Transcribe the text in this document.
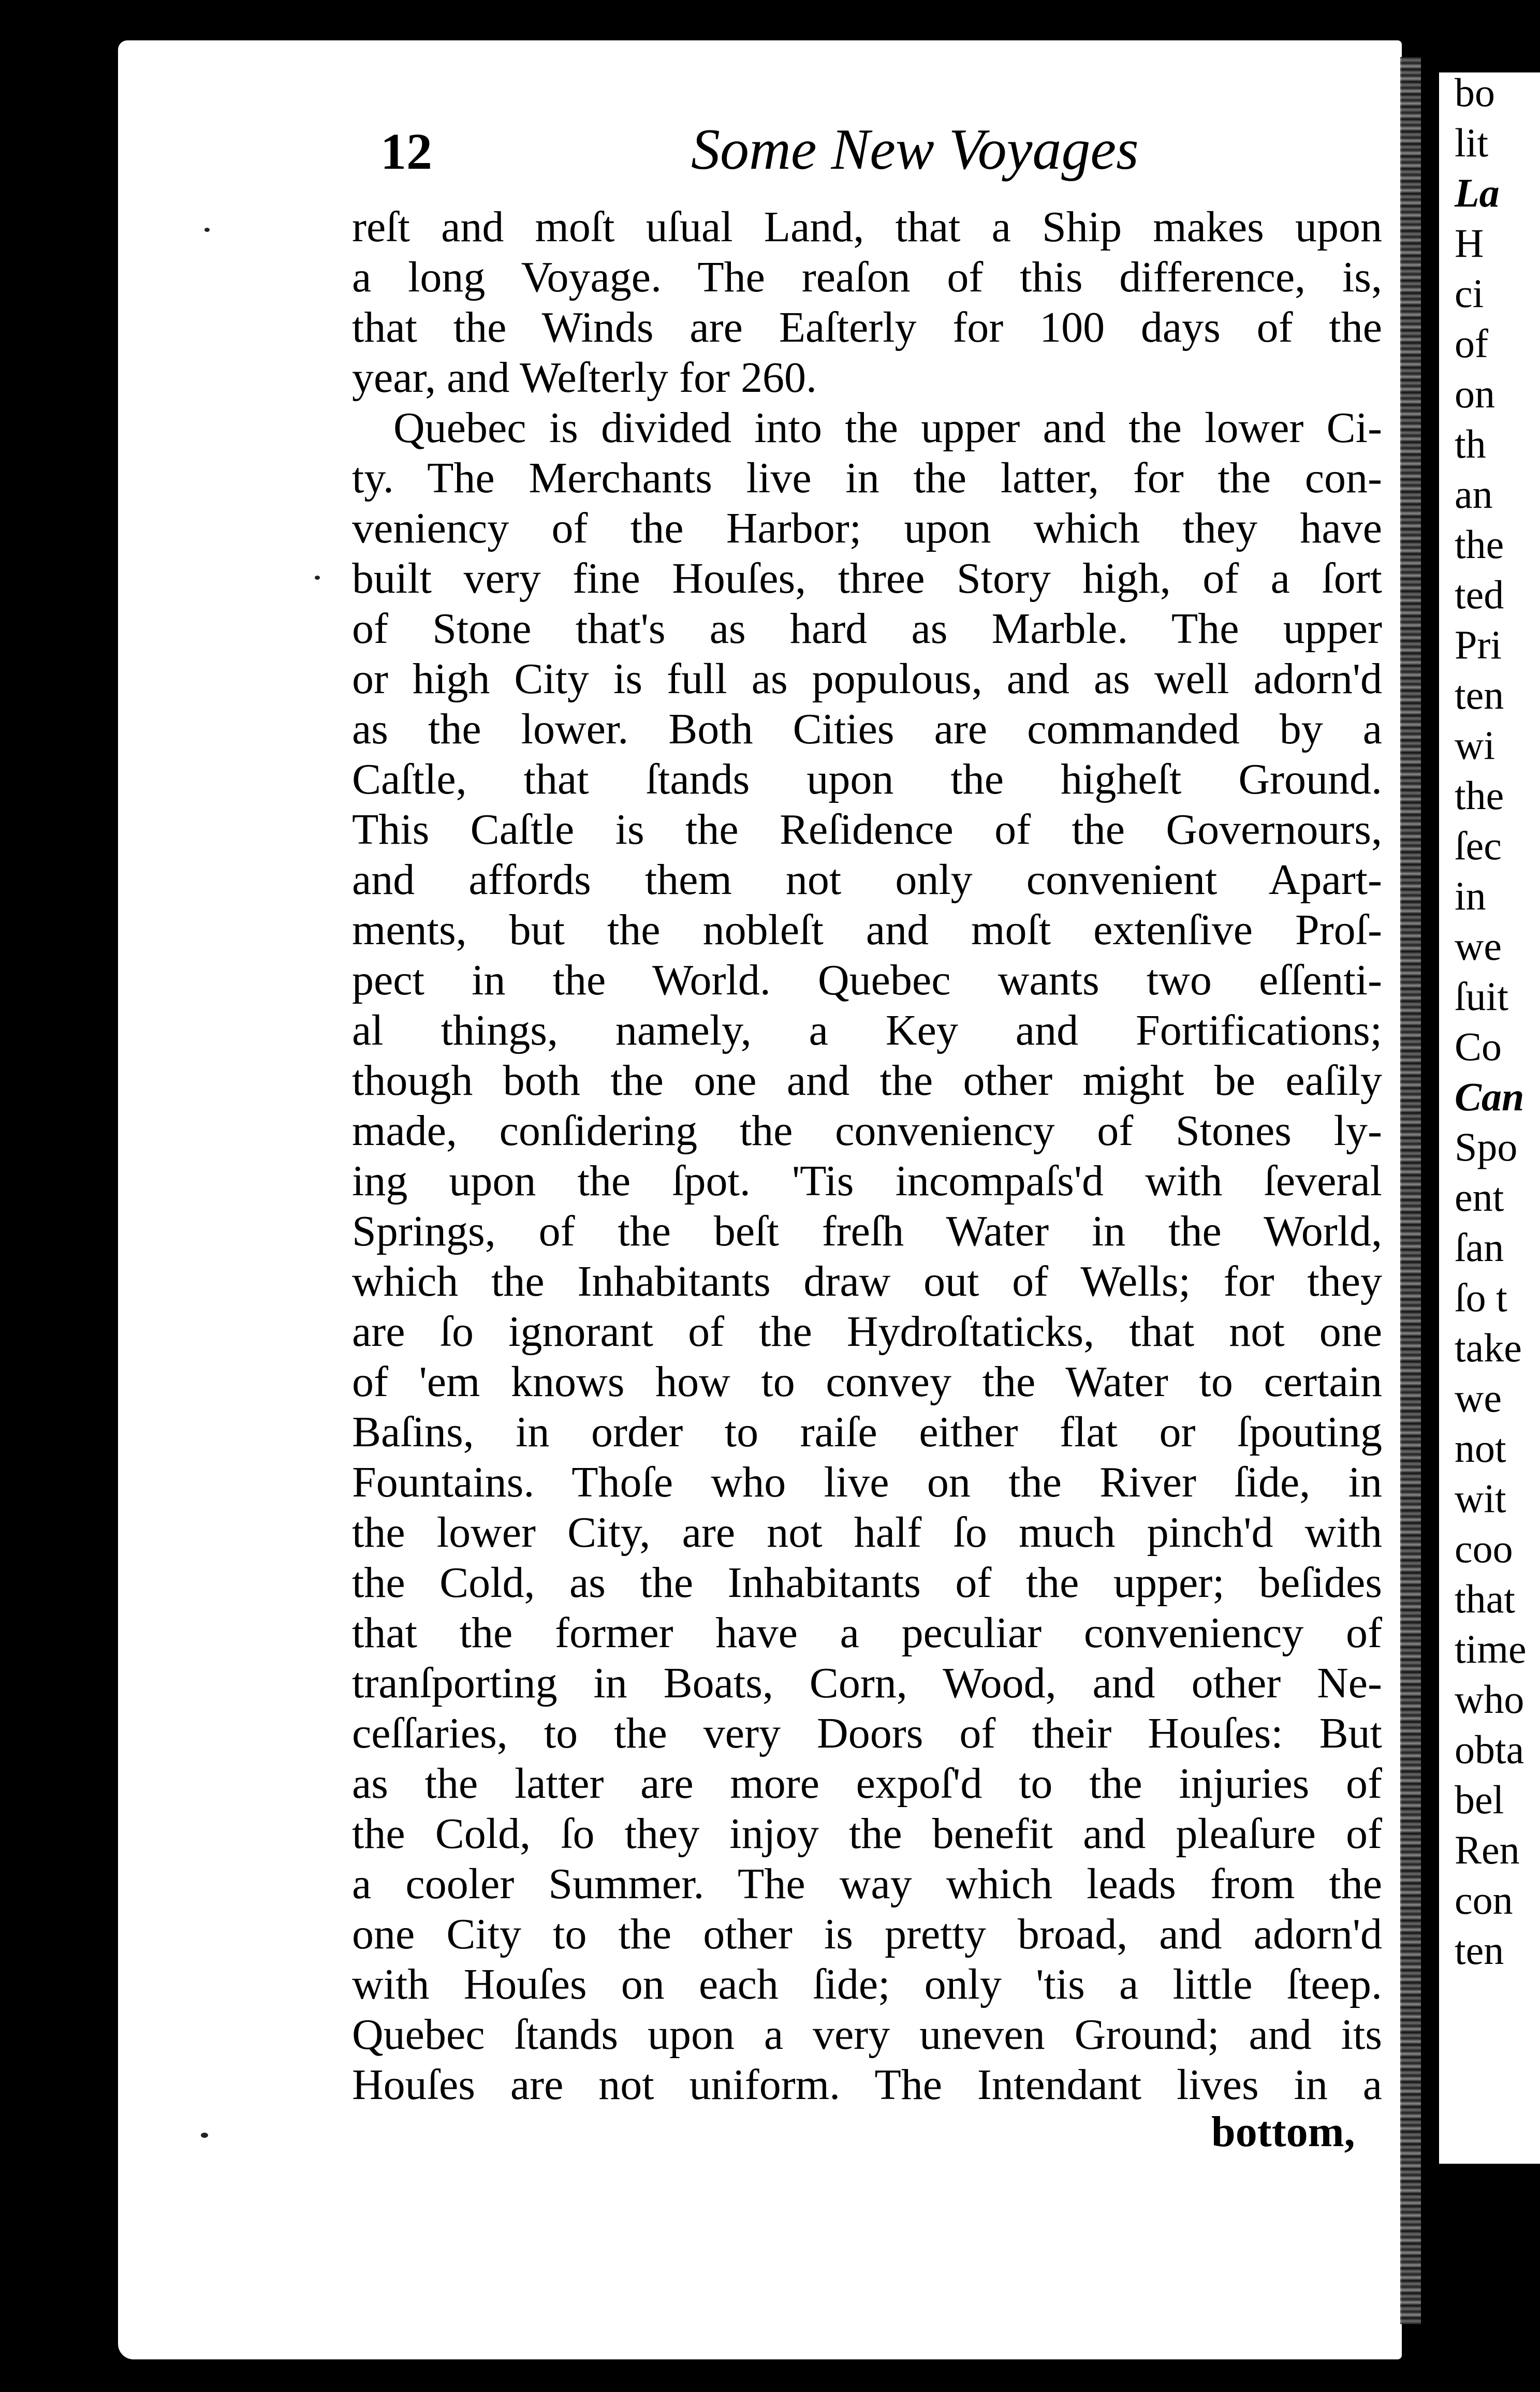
bo
lit
La
H
ci
of
on
th
an
the
ted
Pri
ten
wi
the
ſec
in
we
ſuit
Co
Can
Spo
ent
ſan
ſo t
take
we
not
wit
coo
that
time
who
obta
bel
Ren
con
ten
12	Some New Voyages
reſt and moſt uſual Land, that a Ship makes upon
a long Voyage. The reaſon of this difference, is,
that the Winds are Eaſterly for 100 days of the
year, and Weſterly for 260.
Quebec is divided into the upper and the lower Ci-
ty. The Merchants live in the latter, for the con-
veniency of the Harbor; upon which they have
built very fine Houſes, three Story high, of a ſort
of Stone that's as hard as Marble. The upper
or high City is full as populous, and as well adorn'd
as the lower. Both Cities are commanded by a
Caſtle, that ſtands upon the higheſt Ground.
This Caſtle is the Reſidence of the Governours,
and affords them not only convenient Apart-
ments, but the nobleſt and moſt extenſive Proſ-
pect in the World. Quebec wants two eſſenti-
al things, namely, a Key and Fortifications;
though both the one and the other might be eaſily
made, conſidering the conveniency of Stones ly-
ing upon the ſpot. 'Tis incompaſs'd with ſeveral
Springs, of the beſt freſh Water in the World,
which the Inhabitants draw out of Wells; for they
are ſo ignorant of the Hydroſtaticks, that not one
of 'em knows how to convey the Water to certain
Baſins, in order to raiſe either flat or ſpouting
Fountains. Thoſe who live on the River ſide, in
the lower City, are not half ſo much pinch'd with
the Cold, as the Inhabitants of the upper; beſides
that the former have a peculiar conveniency of
tranſporting in Boats, Corn, Wood, and other Ne-
ceſſaries, to the very Doors of their Houſes: But
as the latter are more expoſ'd to the injuries of
the Cold, ſo they injoy the benefit and pleaſure of
a cooler Summer. The way which leads from the
one City to the other is pretty broad, and adorn'd
with Houſes on each ſide; only 'tis a little ſteep.
Quebec ſtands upon a very uneven Ground; and its
Houſes are not uniform. The Intendant lives in a
bottom,
